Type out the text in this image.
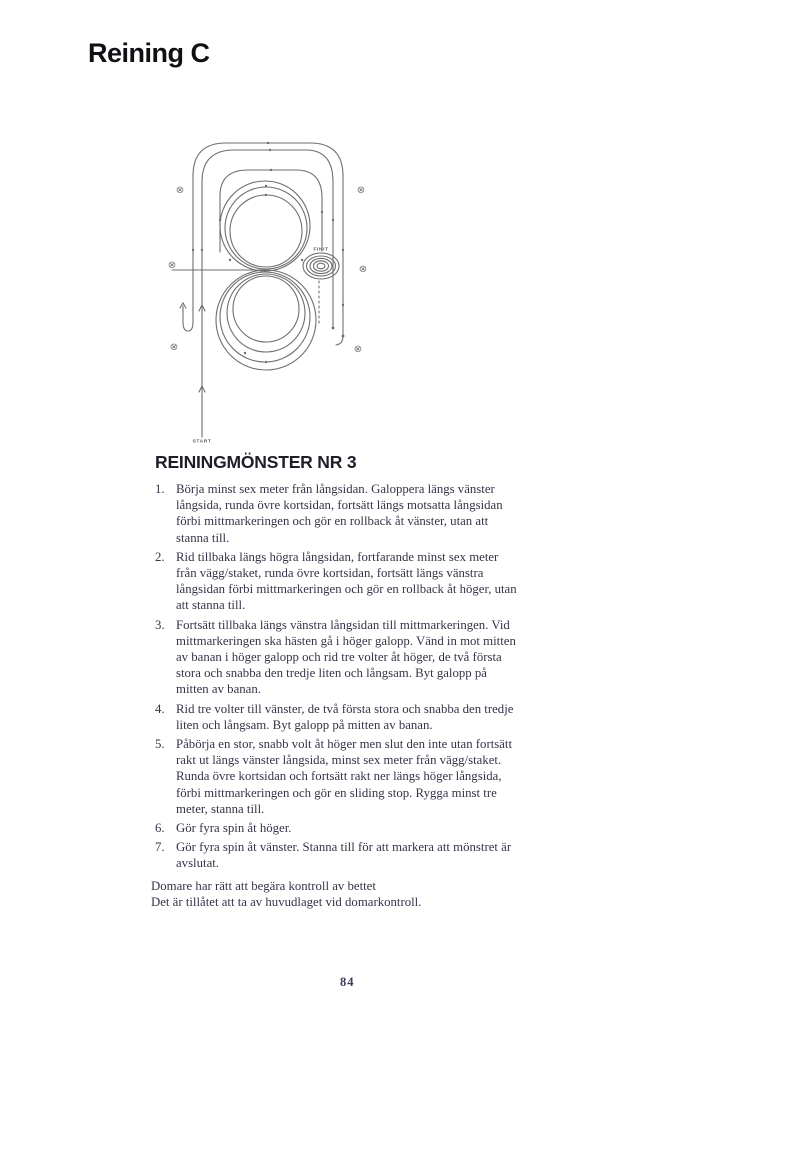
Reining C
⊗	⊗
⊗	⊗
⊗	⊗
FINIT
START
REININGMÖNSTER NR 3
1. Börja minst sex meter från långsidan. Galoppera längs vänster långsida, runda övre kortsidan, fortsätt längs motsatta långsidan förbi mittmarkeringen och gör en rollback åt vänster, utan att stanna till.
2. Rid tillbaka längs högra långsidan, fortfarande minst sex meter från vägg/staket, runda övre kortsidan, fortsätt längs vänstra långsidan förbi mittmarkeringen och gör en rollback åt höger, utan att stanna till.
3. Fortsätt tillbaka längs vänstra långsidan till mittmarkeringen. Vid mittmarkeringen ska hästen gå i höger galopp. Vänd in mot mitten av banan i höger galopp och rid tre volter åt höger, de två första stora och snabba den tredje liten och långsam. Byt galopp på mitten av banan.
4. Rid tre volter till vänster, de två första stora och snabba den tredje liten och långsam. Byt galopp på mitten av banan.
5. Påbörja en stor, snabb volt åt höger men slut den inte utan fortsätt rakt ut längs vänster långsida, minst sex meter från vägg/staket. Runda övre kortsidan och fortsätt rakt ner längs höger långsida, förbi mittmarkeringen och gör en sliding stop. Rygga minst tre meter, stanna till.
6. Gör fyra spin åt höger.
7. Gör fyra spin åt vänster. Stanna till för att markera att mönstret är avslutat.

Domare har rätt att begära kontroll av bettet

Det är tillåtet att ta av huvudlaget vid domarkontroll.

84
